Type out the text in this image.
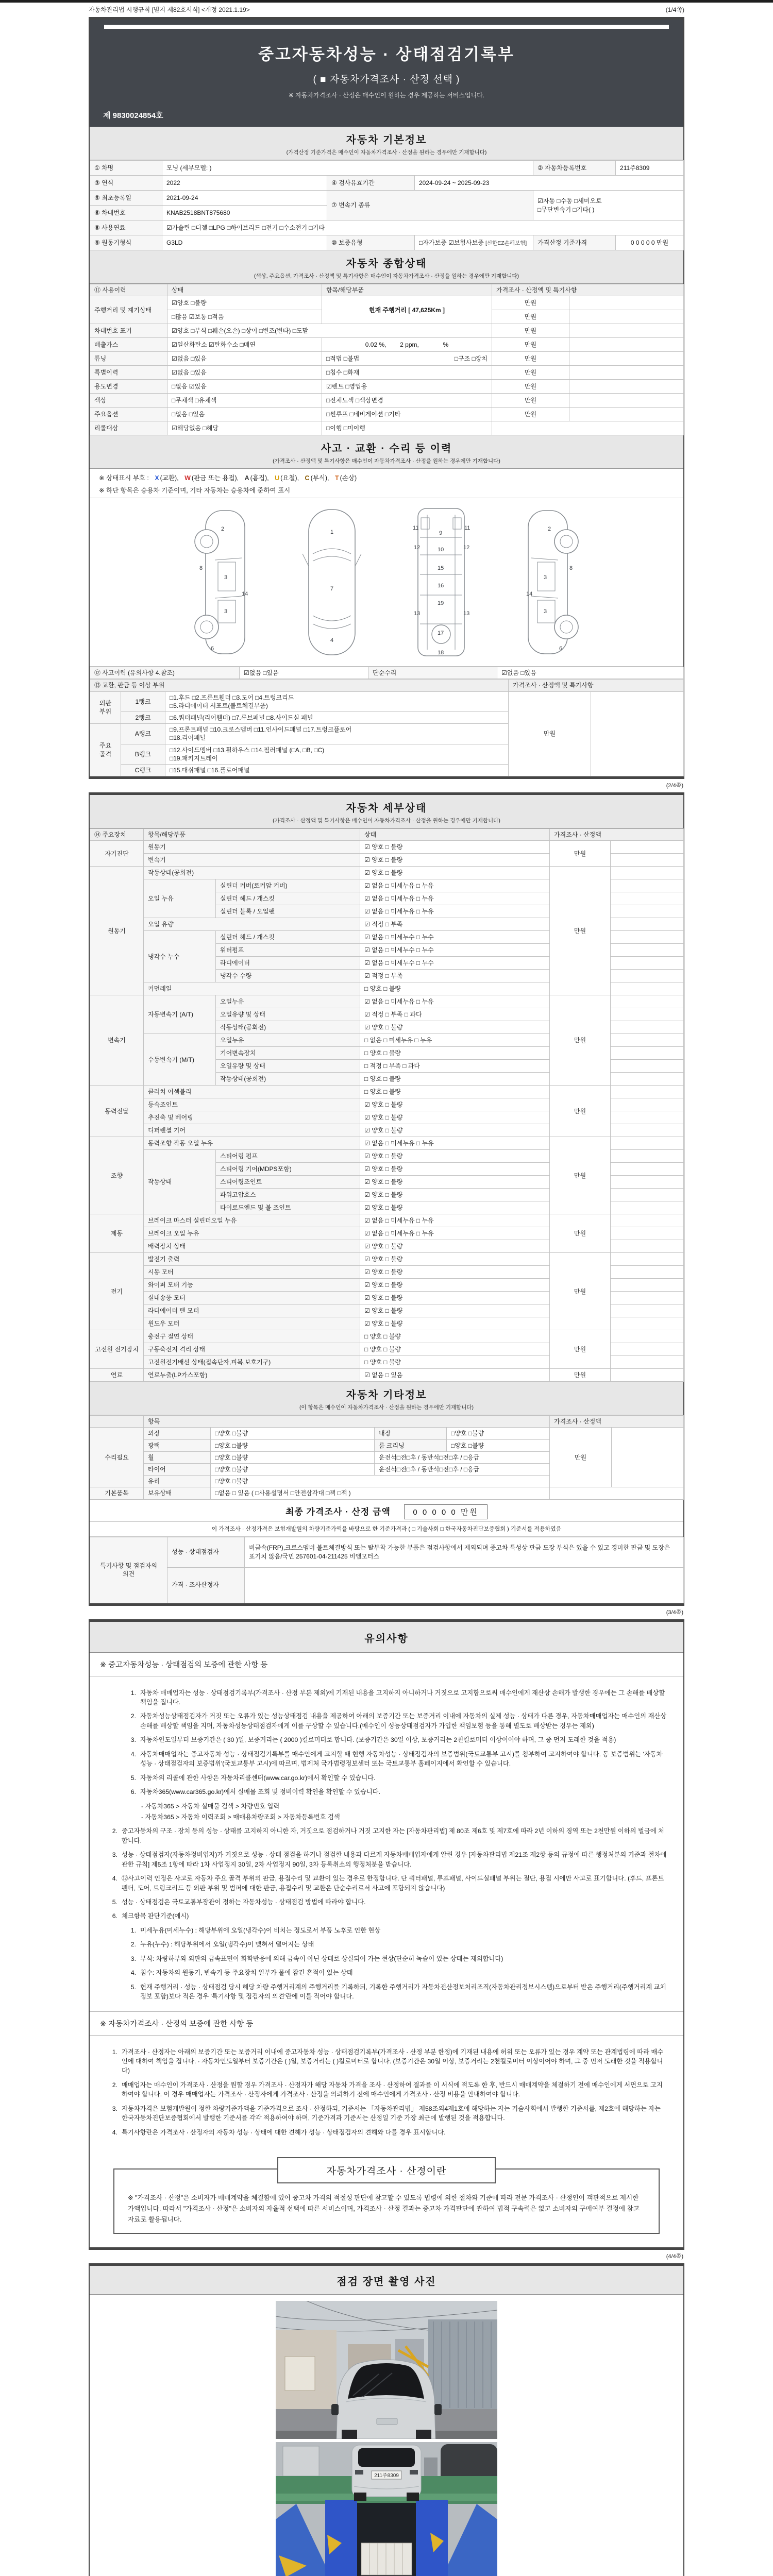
자동차관리법 시행규칙 [별지 제82호서식] <개정 2021.1.19>	(1/4쪽)
중고자동차성능 · 상태점검기록부
( ■ 자동차가격조사 · 산정 선택 )
※ 자동차가격조사 · 산정은 매수인이 원하는 경우 제공하는 서비스입니다.
제 9830024854호
자동차 기본정보
(가격산정 기준가격은 매수인이 자동차가격조사 · 산정을 원하는 경우에만 기재합니다)
① 차명	모닝 (세부모델: )			② 자동차등록번호	211주8309
③ 연식	2022	④ 검사유효기간	2024-09-24 ~ 2025-09-23		
⑤ 최초등록일	2021-09-24	⑦ 변속기 종류		☑자동 □수동 □세미오토
□무단변속기 □기타( )	

⑥ 차대번호	KNAB2518BNT875680				
⑧ 사용연료	☑가솔린 □디젤 □LPG □하이브리드 □전기 □수소전기 □기타				
⑨ 원동기형식	G3LD	⑩ 보증유형	□자가보증 ☑보험사보증 [신한EZ손해보험]	가격산정 기준가격	0 0 0 0 0 만원
자동차 종합상태
(색상, 주요옵션, 가격조사 · 산정액 및 특기사항은 매수인이 자동차가격조사 · 산정을 원하는 경우에만 기재합니다)
⑪ 사용이력	상태	항목/해당부품	가격조사 · 산정액 및 특기사항	
주행거리 및 계기상태	☑양호 □불량	현재 주행거리 [ 47,625Km ]	만원	
	□많음 ☑보통 □적음		만원	
차대번호 표기	☑양호 □부식 □훼손(오손) □상이 □변조(변타) □도말		만원	
배출가스	☑일산화탄소 ☑탄화수소 □매연	0.02 %,        2 ppm,              %	만원	
튜닝	☑없음 □있음	□적법 □불법 □구조 □장치	만원	
특별이력	☑없음 □있음	□침수 □화재	만원	
용도변경	□없음 ☑있음	☑렌트 □영업용	만원	
색상	□무채색 □유채색	□전체도색 □색상변경	만원	
주요옵션	□없음 □있음	□썬루프 □네비게이션 □기타	만원	
리콜대상	☑해당없음 □해당	□이행 □미이행		
사고 · 교환 · 수리 등 이력
(가격조사 · 산정액 및 특기사항은 매수인이 자동차가격조사 · 산정을 원하는 경우에만 기재합니다)
※ 상태표시 부호 : X (교환), W (판금 또는 용접), A (흠집), U (요철), C (부식), T (손상)
※ 하단 항목은 승용차 기준이며, 기타 자동차는 승용차에 준하여 표시
2
8
3
14
3
6
1
7
4
11	11
9
12	12
10
15
16
13	13
19
17
18
2
3
8
14
3
6
⑫ 사고이력 (유의사항 4.참조)	☑없음 □있음	단순수리	☑없음 □있음
⑬ 교환, 판금 등 이상 부위			가격조사 · 산정액 및 특기사항	
외판 부위	1랭크	□1.후드 □2.프론트휀더 □3.도어 □4.트렁크리드
□5.라디에이터 서포트(볼트체결부품)	만원	
	2랭크	□6.쿼터패널(리어휀더) □7.루브패널 □8.사이드실 패널		
주요 골격	A랭크	□9.프론트패널 □10.크로스멤버 □11.인사이드패널 □17.트렁크플로어
□18.리어패널		

	B랭크	□12.사이드멤버 □13.휠하우스 □14.필러패널 (□A, □B, □C)
□19.패키지트레이		

	C랭크	□15.대쉬패널 □16.플로어패널		
(2/4쪽)
자동차 세부상태
(가격조사 · 산정액 및 특기사항은 매수인이 자동차가격조사 · 산정을 원하는 경우에만 기재합니다)
⑭ 주요장치	항목/해당부품		상태	가격조사 · 산정액	
자기진단	원동기		☑ 양호 □ 불량	만원	
	변속기		☑ 양호 □ 불량		
원동기	작동상태(공회전)		☑ 양호 □ 불량	만원	
	오일 누유	실린더 커버(로커암 커버)	☑ 없음 □ 미세누유 □ 누유		
		실린더 헤드 / 개스킷	☑ 없음 □ 미세누유 □ 누유		
		실린더 블록 / 오일팬	☑ 없음 □ 미세누유 □ 누유		
	오일 유량		☑ 적정 □ 부족		
	냉각수 누수	실린더 헤드 / 개스킷	☑ 없음 □ 미세누수 □ 누수		
		워터펌프	☑ 없음 □ 미세누수 □ 누수		
		라디에이터	☑ 없음 □ 미세누수 □ 누수		
		냉각수 수량	☑ 적정 □ 부족		
	커먼레일		□ 양호 □ 불량		
변속기	자동변속기 (A/T)	오일누유	☑ 없음 □ 미세누유 □ 누유	만원	
		오일유량 및 상태	☑ 적정 □ 부족 □ 과다		
		작동상태(공회전)	☑ 양호 □ 불량		
	수동변속기 (M/T)	오일누유	□ 없음 □ 미세누유 □ 누유		
		기어변속장치	□ 양호 □ 불량		
		오일유량 및 상태	□ 적정 □ 부족 □ 과다		
		작동상태(공회전)	□ 양호 □ 불량		
동력전달	클러치 어셈블리		□ 양호 □ 불량	만원	
	등속조인트		☑ 양호 □ 불량		
	추진축 및 베어링		☑ 양호 □ 불량		
	디퍼렌셜 기어		☑ 양호 □ 불량		
조향	동력조향 작동 오일 누유		☑ 없음 □ 미세누유 □ 누유	만원	
	작동상태	스티어링 펌프	☑ 양호 □ 불량		
		스티어링 기어(MDPS포함)	☑ 양호 □ 불량		
		스티어링조인트	☑ 양호 □ 불량		
		파워고압호스	☑ 양호 □ 불량		
		타이로드엔드 및 볼 조인트	☑ 양호 □ 불량		
제동	브레이크 마스터 실린더오일 누유		☑ 없음 □ 미세누유 □ 누유	만원	
	브레이크 오일 누유		☑ 없음 □ 미세누유 □ 누유		
	배력장치 상태		☑ 양호 □ 불량		
전기	발전기 출력		☑ 양호 □ 불량	만원	
	시동 모터		☑ 양호 □ 불량		
	와이퍼 모터 기능		☑ 양호 □ 불량		
	실내송풍 모터		☑ 양호 □ 불량		
	라디에이터 팬 모터		☑ 양호 □ 불량		
	윈도우 모터		☑ 양호 □ 불량		
고전원 전기장치	충전구 절연 상태		□ 양호 □ 불량	만원	
	구동축전지 격리 상태		□ 양호 □ 불량		
	고전원전기배선 상태(접속단자,피복,보호기구)		□ 양호 □ 불량		
연료	연료누출(LP가스포함)		☑ 없음 □ 있음	만원	
자동차 기타정보
(이 항목은 매수인이 자동차가격조사 · 산정을 원하는 경우에만 기재합니다)
	항목				가격조사 · 산정액	
수리필요	외장	□양호 □불량	내장	□양호 □불량	만원	
	광택	□양호 □불량	룸 크리닝	□양호 □불량		
	휠	□양호 □불량	운전석□전□후 / 동반석□전□후 / □응급			
	타이어	□양호 □불량	운전석□전□후 / 동반석□전□후 / □응급			
	유리	□양호 □불량				
기본품목	보유상태	□없음 □ 있음 ( □사용설명서 □안전삼각대 □잭 □잭 )				
최종 가격조사 · 산정 금액	0 0 0 0 0 만원
이 가격조사 · 산정가격은 보험개발원의 차량기준가액을 바탕으로 한 기준가격과 ( □ 기술사회 □ 한국자동차진단보증협회 ) 기준서를 적용하였음
특기사항 및 점검자의 의견	성능 · 상태점검자	비금속(FRP),크로스멤버 볼트체결방식 또는 탈부착 가능한 부품은 점검사항에서 제외되며 중고차 특성상 판금 도장 부식은 있을 수 있고 경미한 판금 및 도장은 표기치 않음/국민 257601-04-211425 비엠모터스
	가격 · 조사산정자	
(3/4쪽)
유의사항
※ 중고자동차성능 · 상태점검의 보증에 관한 사항 등
1. 자동차 매매업자는 성능 · 상태점검기록부(가격조사 · 산정 부분 제외)에 기재된 내용을 고지하지 아니하거나 거짓으로 고지함으로써 매수인에게 재산상 손해가 발생한 경우에는 그 손해를 배상할 책임을 집니다.
2. 자동차성능상태점검자가 거짓 또는 오류가 있는 성능상태점검 내용을 제공하여 아래의 보증기간 또는 보증거리 이내에 자동차의 실제 성능 · 상태가 다른 경우, 자동차매매업자는 매수인의 재산상 손해를 배상할 책임을 지며, 자동차성능상태점검자에게 이를 구상할 수 있습니다.(매수인이 성능상태점검자가 가입한 책임보험 등을 통해 별도로 배상받는 경우는 제외)
3. 자동차인도일부터 보증기간은 ( 30 )일, 보증거리는 ( 2000 )킬로미터로 합니다. (보증기간은 30일 이상, 보증거리는 2천킬로미터 이상이어야 하며, 그 중 먼저 도래한 것을 적용)
4. 자동차매매업자는 중고자동차 성능 · 상태점검기록부를 매수인에게 고지할 때 현행 자동차성능 · 상태점검자의 보증범위(국토교통부 고시)를 첨부하여 고지하여야 합니다. 동 보증범위는 '자동차성능 · 상태점검자의 보증범위'(국토교통부 고시)에 따르며, 법제처 국가법령정보센터 또는 국토교통부 홈페이지에서 확인할 수 있습니다.
5. 자동차의 리콜에 관한 사항은 자동차리콜센터(www.car.go.kr)에서 확인할 수 있습니다.
6. 자동차365(www.car365.go.kr)에서 실매물 조회 및 정비이력 확인을 확인할 수 있습니다.
- 자동차365 > 자동차 실매물 검색 > 차량번호 입력
- 자동차365 > 자동차 이력조회 > 매매용차량조회 > 자동차등록번호 검색
2. 중고자동차의 구조 · 장치 등의 성능 · 상태를 고지하지 아니한 자, 거짓으로 점검하거나 거짓 고지한 자는 [자동차관리법] 제 80조 제6호 및 제7호에 따라 2년 이하의 징역 또는 2천만원 이하의 벌금에 처합니다.
3. 성능 · 상태점검자(자동차정비업자)가 거짓으로 성능 · 상태 점검을 하거나 점검한 내용과 다르게 자동차매매업자에게 알린 경우 [자동차관리법 제21조 제2항 등의 규정에 따른 행정처분의 기준과 절차에 관한 규칙] 제5조 1항에 따라 1차 사업정지 30일, 2차 사업정지 90일, 3차 등록취소의 행정처분을 받습니다.
4. ⑫사고이력 인정은 사고로 자동차 주요 골격 부위의 판금, 용접수리 및 교환이 있는 경우로 한정합니다. 단 쿼터패널, 루프패널, 사이드실패널 부위는 절단, 용접 시에만 사고로 표기합니다. (후드, 프론트펜더, 도어, 트렁크리드 등 외판 부위 및 범퍼에 대한 판금, 용접수리 및 교환은 단순수리로서 사고에 포함되지 않습니다)
5. 성능 · 상태점검은 국토교통부장관이 정하는 자동차성능 · 상태점검 방법에 따라야 합니다.
6. 체크항목 판단기준(예시)
1. 미세누유(미세누수) : 해당부위에 오일(냉각수)이 비치는 정도로서 부품 노후로 인한 현상
2. 누유(누수) : 해당부위에서 오일(냉각수)이 맺혀서 떨어지는 상태
3. 부식: 차량하부와 외판의 금속표면이 화학반응에 의해 금속이 아닌 상태로 상실되어 가는 현상(단순히 녹슬어 있는 상태는 제외합니다)
4. 침수: 자동차의 원동기, 변속기 등 주요장치 일부가 물에 잠긴 흔적이 있는 상태
5. 현재 주행거리 · 성능 · 상태점검 당시 해당 차량 주행거리계의 주행거리를 기록하되, 기록한 주행거리가 자동차전산정보처리조직(자동차관리정보시스템)으로부터 받은 주행거리(주행거리계 교체 정보 포함)보다 적은 경우 '특기사항 및 점검자의 의견'란에 이를 적어야 합니다.
※ 자동차가격조사 · 산정의 보증에 관한 사항 등
1. 가격조사 · 산정자는 아래의 보증기간 또는 보증거리 이내에 중고자동차 성능 · 상태점검기록부(가격조사 · 산정 부분 한정)에 기재된 내용에 허위 또는 오류가 있는 경우 계약 또는 관계법령에 따라 매수인에 대하여 책임을 집니다. · 자동차인도일부터 보증기간은 ( )일, 보증거리는 ( )킬로미터로 합니다. (보증기간은 30일 이상, 보증거리는 2천킬로미터 이상이어야 하며, 그 중 먼저 도래한 것을 적용합니다)
2. 매매업자는 매수인이 가격조사 · 산정을 원할 경우 가격조사 · 산정자가 해당 자동차 가격을 조사 · 산정하여 결과를 이 서식에 적도록 한 후, 반드시 매매계약을 체결하기 전에 매수인에게 서면으로 고지하여야 합니다. 이 경우 매매업자는 가격조사 · 산정자에게 가격조사 · 산정을 의뢰하기 전에 매수인에게 가격조사 · 산정 비용을 안내하여야 합니다.
3. 자동차가격은 보험개발원이 정한 차량기준가액을 기준가격으로 조사 · 산정하되, 기준서는 「자동차관리법」 제58조의4제1호에 해당하는 자는 기술사회에서 발행한 기준서를, 제2호에 해당하는 자는 한국자동차진단보증협회에서 발행한 기준서를 각각 적용하여야 하며, 기준가격과 기준서는 산정일 기준 가장 최근에 발행된 것을 적용합니다.
4. 특기사항란은 가격조사 · 산정자의 자동차 성능 · 상태에 대한 견해가 성능 · 상태점검자의 견해와 다를 경우 표시합니다.
자동차가격조사 · 산정이란
※ "가격조사 · 산정"은 소비자가 매매계약을 체결함에 있어 중고차 가격의 적절성 판단에 참고할 수 있도록 법령에 의한 절차와 기준에 따라 전문 가격조사 · 산정인이 객관적으로 제시한 가액입니다. 따라서 "가격조사 · 산정"은 소비자의 자율적 선택에 따른 서비스이며, 가격조사 · 산정 결과는 중고차 가격판단에 관하여 법적 구속력은 없고 소비자의 구매여부 결정에 참고자료로 활용됩니다.
(4/4쪽)
점검 장면 촬영 사진
211주8309
